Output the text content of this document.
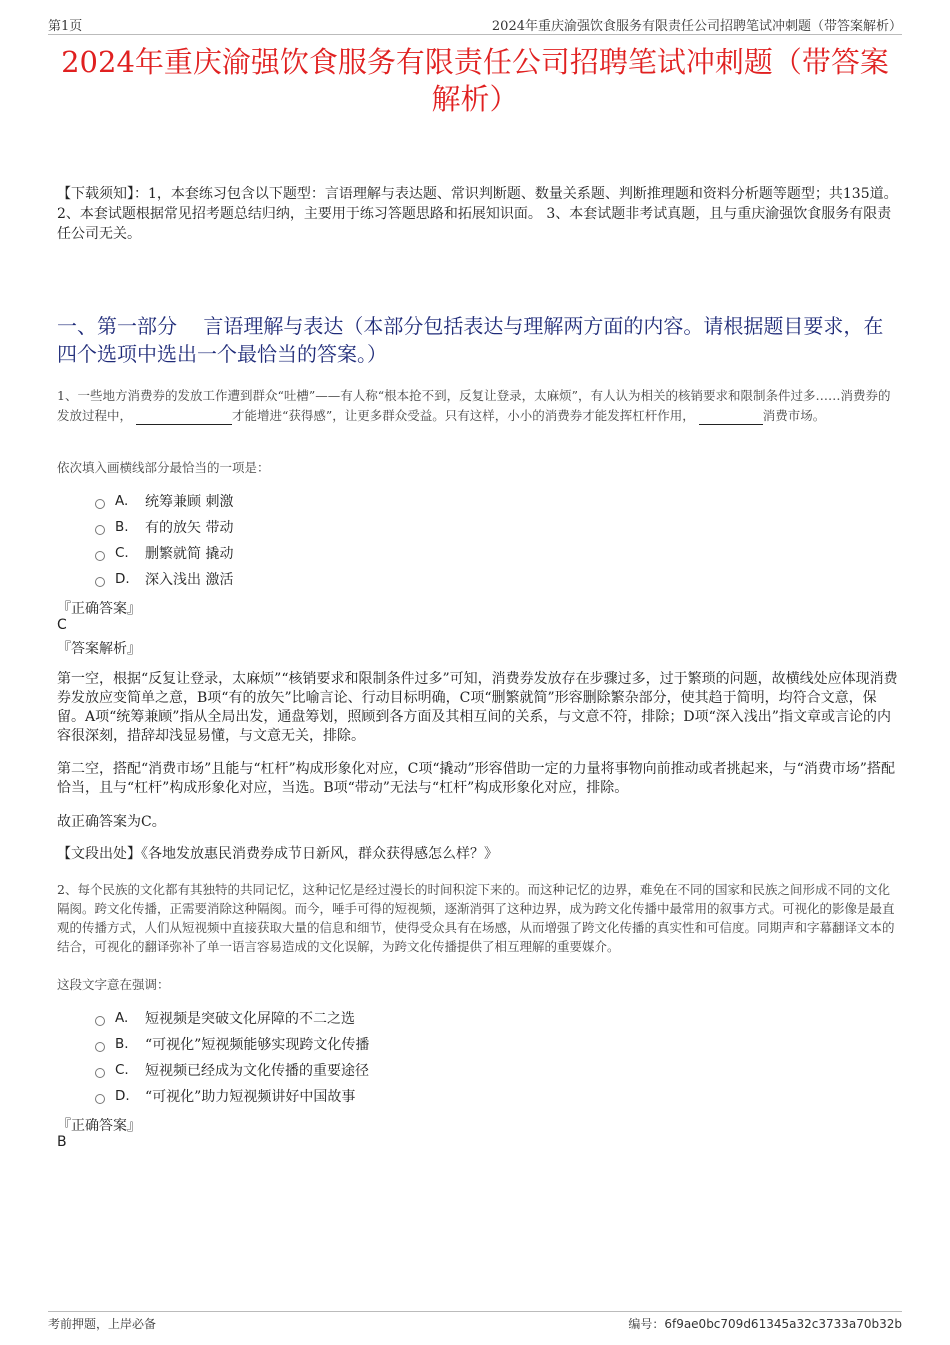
第1页	2024年重庆渝强饮食服务有限责任公司招聘笔试冲刺题（带答案解析）
2024年重庆渝强饮食服务有限责任公司招聘笔试冲刺题（带答案解析）
【下载须知】：1，本套练习包含以下题型：言语理解与表达题、常识判断题、数量关系题、判断推理题和资料分析题等题型；共135道。 2、本套试题根据常见招考题总结归纳，主要用于练习答题思路和拓展知识面。 3、本套试题非考试真题，且与重庆渝强饮食服务有限责任公司无关。
一、第一部分　 言语理解与表达（本部分包括表达与理解两方面的内容。请根据题目要求，在四个选项中选出一个最恰当的答案。）
1、一些地方消费券的发放工作遭到群众“吐槽”——有人称“根本抢不到，反复让登录，太麻烦”，有人认为相关的核销要求和限制条件过多……消费券的发放过程中，	才能增进“获得感”，让更多群众受益。只有这样，小小的消费券才能发挥杠杆作用，	消费市场。
依次填入画横线部分最恰当的一项是：
A.	统筹兼顾 刺激
B.	有的放矢 带动
C.	删繁就简 撬动
D.	深入浅出 激活
『正确答案』
C
『答案解析』
第一空，根据“反复让登录，太麻烦”“核销要求和限制条件过多”可知，消费券发放存在步骤过多，过于繁琐的问题，故横线处应体现消费券发放应变简单之意，B项“有的放矢”比喻言论、行动目标明确，C项“删繁就简”形容删除繁杂部分，使其趋于简明，均符合文意，保留。A项“统筹兼顾”指从全局出发，通盘筹划，照顾到各方面及其相互间的关系，与文意不符，排除；D项“深入浅出”指文章或言论的内容很深刻，措辞却浅显易懂，与文意无关，排除。
第二空，搭配“消费市场”且能与“杠杆”构成形象化对应，C项“撬动”形容借助一定的力量将事物向前推动或者挑起来，与“消费市场”搭配恰当，且与“杠杆”构成形象化对应，当选。B项“带动”无法与“杠杆”构成形象化对应，排除。
故正确答案为C。
【文段出处】《各地发放惠民消费券成节日新风，群众获得感怎么样？》
2、每个民族的文化都有其独特的共同记忆，这种记忆是经过漫长的时间积淀下来的。而这种记忆的边界，难免在不同的国家和民族之间形成不同的文化隔阂。跨文化传播，正需要消除这种隔阂。而今，唾手可得的短视频，逐渐消弭了这种边界，成为跨文化传播中最常用的叙事方式。可视化的影像是最直观的传播方式，人们从短视频中直接获取大量的信息和细节，使得受众具有在场感，从而增强了跨文化传播的真实性和可信度。同期声和字幕翻译文本的结合，可视化的翻译弥补了单一语言容易造成的文化误解，为跨文化传播提供了相互理解的重要媒介。
这段文字意在强调：
A.	短视频是突破文化屏障的不二之选
B.	“可视化”短视频能够实现跨文化传播
C.	短视频已经成为文化传播的重要途径
D.	“可视化”助力短视频讲好中国故事
『正确答案』
B
考前押题，上岸必备	编号：6f9ae0bc709d61345a32c3733a70b32b
